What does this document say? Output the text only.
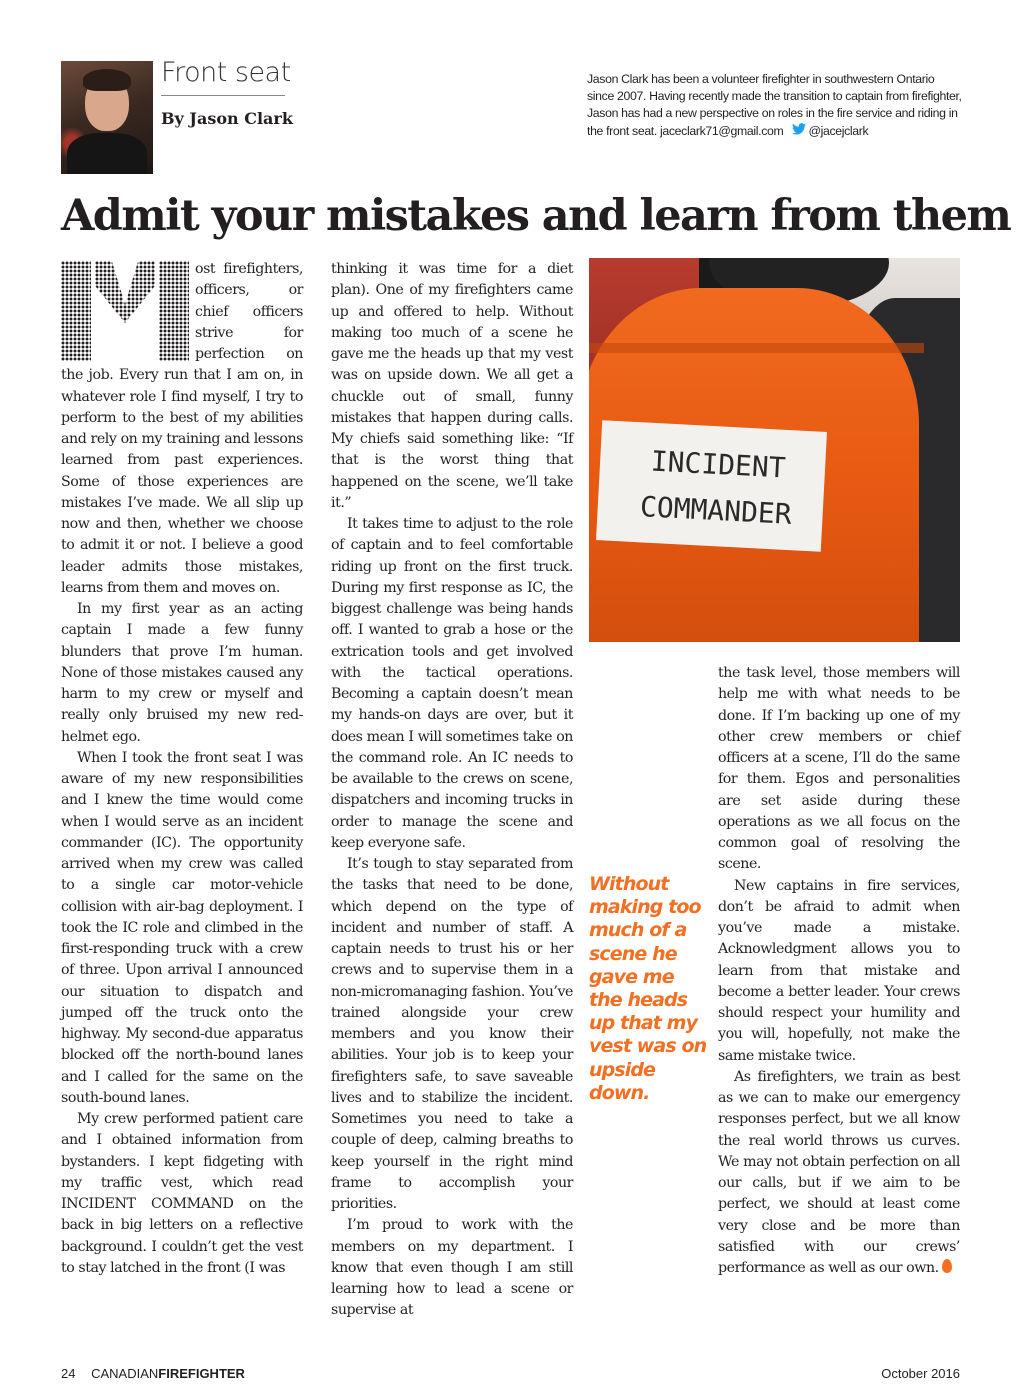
Front seat
By Jason Clark
Jason Clark has been a volunteer firefighter in southwestern Ontario since 2007. Having recently made the transition to captain from firefighter, Jason has had a new perspective on roles in the fire service and riding in the front seat. jaceclark71@gmail.com @jacejclark
Admit your mistakes and learn from them

ost firefighters, officers, or chief officers strive for perfection on the job. Every run that I am on, in whatever role I find myself, I try to perform to the best of my abilities and rely on my training and lessons learned from past experiences. Some of those experiences are mistakes I’ve made. We all slip up now and then, whether we choose to admit it or not. I believe a good leader admits those mistakes, learns from them and moves on.

In my first year as an acting captain I made a few funny blunders that prove I’m human. None of those mistakes caused any harm to my crew or myself and really only bruised my new red-helmet ego.

When I took the front seat I was aware of my new responsibilities and I knew the time would come when I would serve as an incident commander (IC). The opportunity arrived when my crew was called to a single car motor-vehicle collision with air-bag deployment. I took the IC role and climbed in the first-responding truck with a crew of three. Upon arrival I announced our situation to dispatch and jumped off the truck onto the highway. My second-due apparatus blocked off the north-bound lanes and I called for the same on the south-bound lanes.

My crew performed patient care and I obtained information from bystanders. I kept fidgeting with my traffic vest, which read INCIDENT COMMAND on the back in big letters on a reflective background. I couldn’t get the vest to stay latched in the front (I was

thinking it was time for a diet plan). One of my firefighters came up and offered to help. Without making too much of a scene he gave me the heads up that my vest was on upside down. We all get a chuckle out of small, funny mistakes that happen during calls. My chiefs said something like: “If that is the worst thing that happened on the scene, we’ll take it.”

It takes time to adjust to the role of captain and to feel comfortable riding up front on the first truck. During my first response as IC, the biggest challenge was being hands off. I wanted to grab a hose or the extrication tools and get involved with the tactical operations. Becoming a captain doesn’t mean my hands-on days are over, but it does mean I will sometimes take on the command role. An IC needs to be available to the crews on scene, dispatchers and incoming trucks in order to manage the scene and keep everyone safe.

It’s tough to stay separated from the tasks that need to be done, which depend on the type of incident and number of staff. A captain needs to trust his or her crews and to supervise them in a non-micromanaging fashion. You’ve trained alongside your crew members and you know their abilities. Your job is to keep your firefighters safe, to save saveable lives and to stabilize the incident. Sometimes you need to take a couple of deep, calming breaths to keep yourself in the right mind frame to accomplish your priorities.

I’m proud to work with the members on my department. I know that even though I am still learning how to lead a scene or supervise at

INCIDENT
COMMANDER
Without making too much of a scene he gave me the heads up that my vest was on upside down.

the task level, those members will help me with what needs to be done. If I’m backing up one of my other crew members or chief officers at a scene, I’ll do the same for them. Egos and personalities are set aside during these operations as we all focus on the common goal of resolving the scene.

New captains in fire services, don’t be afraid to admit when you’ve made a mistake. Acknowledgment allows you to learn from that mistake and become a better leader. Your crews should respect your humility and you will, hopefully, not make the same mistake twice.

As firefighters, we train as best as we can to make our emergency responses perfect, but we all know the real world throws us curves. We may not obtain perfection on all our calls, but if we aim to be perfect, we should at least come very close and be more than satisfied with our crews’ performance as well as our own.

24 CANADIANFIREFIGHTER	October 2016
